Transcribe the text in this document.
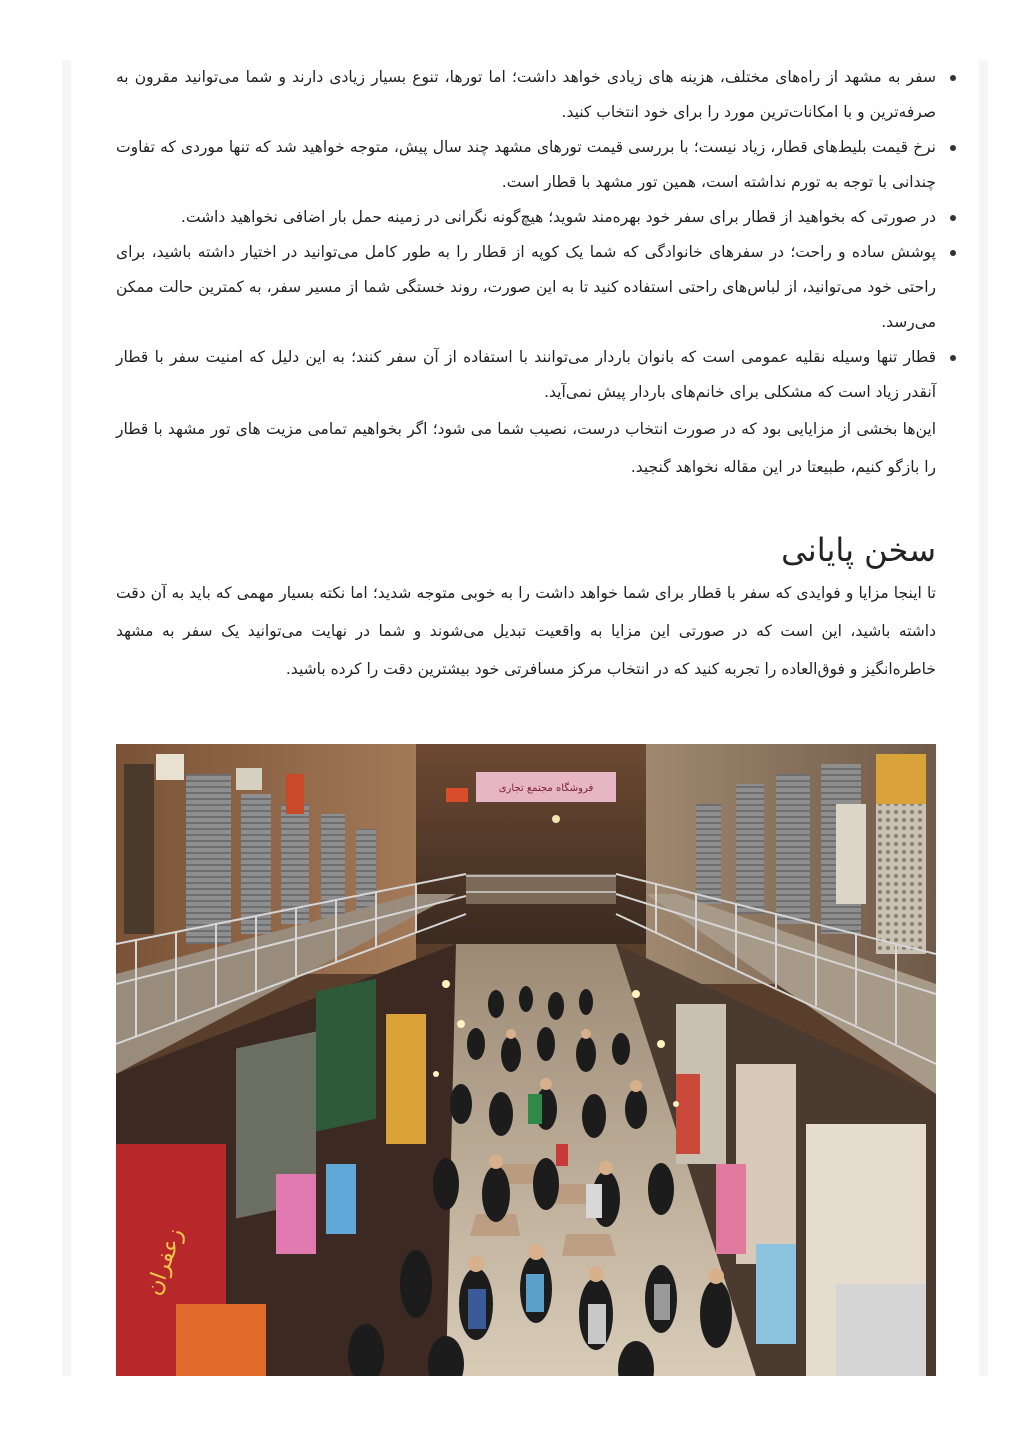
سفر به مشهد از راه‌های مختلف، هزینه های زیادی خواهد داشت؛ اما تورها، تنوع بسیار زیادی دارند و شما می‌توانید مقرون به صرفه‌ترین و با امکانات‌ترین مورد را برای خود انتخاب کنید.
نرخ قیمت بلیط‌های قطار، زیاد نیست؛ با بررسی قیمت تورهای مشهد چند سال پیش، متوجه خواهید شد که تنها موردی که تفاوت چندانی با توجه به تورم نداشته است، همین تور مشهد با قطار است.
در صورتی که بخواهید از قطار برای سفر خود بهره‌مند شوید؛ هیچ‌گونه نگرانی در زمینه حمل بار اضافی نخواهید داشت.
پوشش ساده و راحت؛ در سفرهای خانوادگی که شما یک کوپه از قطار را به طور کامل می‌توانید در اختیار داشته باشید، برای راحتی خود می‌توانید، از لباس‌های راحتی استفاده کنید تا به این صورت، روند خستگی شما از مسیر سفر، به کمترین حالت ممکن می‌رسد.
قطار تنها وسیله نقلیه عمومی است که بانوان باردار می‌توانند با استفاده از آن سفر کنند؛ به این دلیل که امنیت سفر با قطار آنقدر زیاد است که مشکلی برای خانم‌های باردار پیش نمی‌آید.

این‌ها بخشی از مزایایی بود که در صورت انتخاب درست، نصیب شما می شود؛ اگر بخواهیم تمامی مزیت های تور مشهد با قطار را بازگو کنیم، طبیعتا در این مقاله نخواهد گنجید.

سخن پایانی

تا اینجا مزایا و فوایدی که سفر با قطار برای شما خواهد داشت را به خوبی متوجه شدید؛ اما نکته بسیار مهمی که باید به آن دقت داشته باشید، این است که در صورتی این مزایا به واقعیت تبدیل می‌شوند و شما در نهایت می‌توانید یک سفر به مشهد خاطره‌انگیز و فوق‌العاده را تجربه کنید که در انتخاب مرکز مسافرتی خود بیشترین دقت را کرده باشید.

فروشگاه مجتمع تجاری
زعفران
